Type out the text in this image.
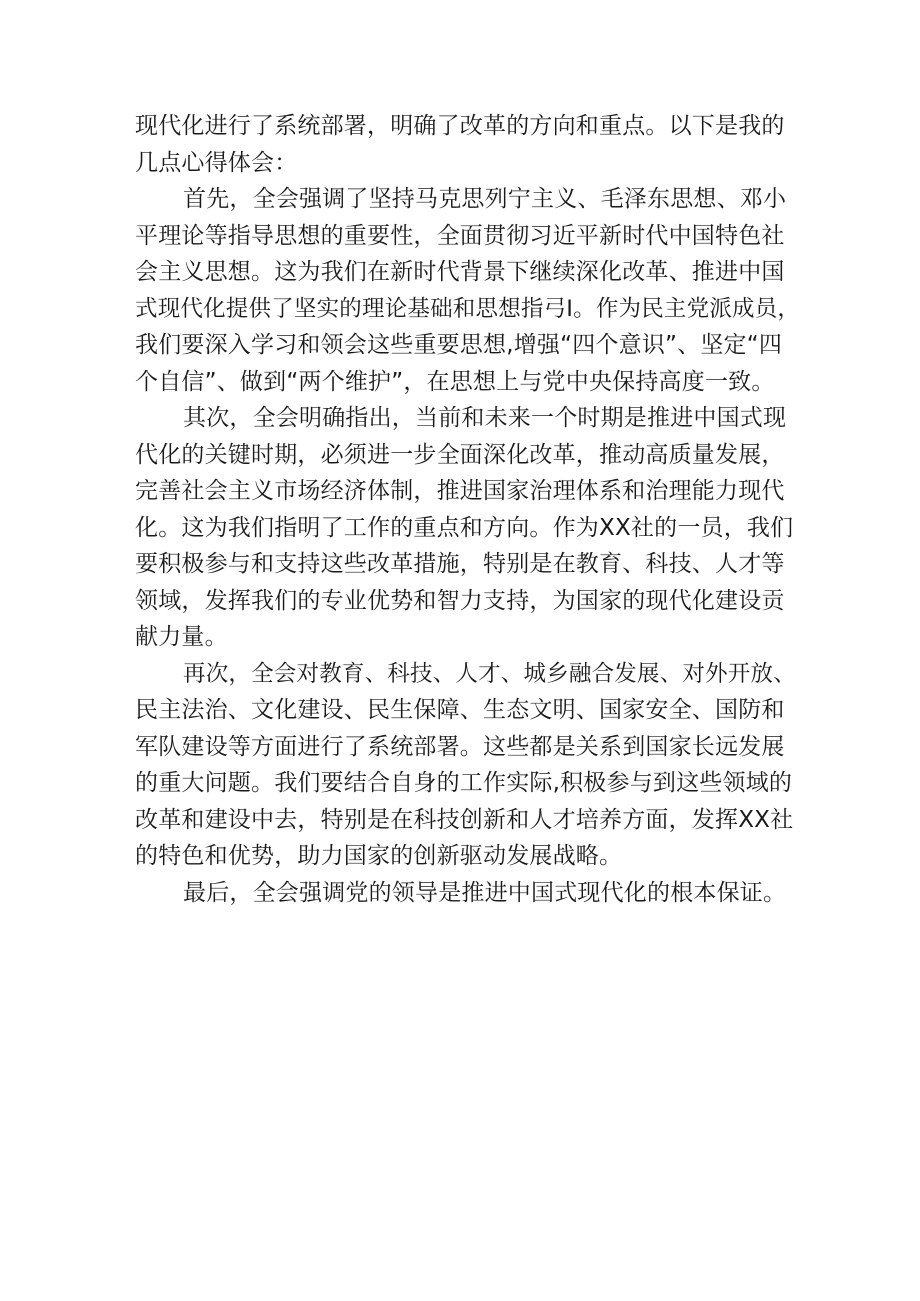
现代化进行了系统部署，明确了改革的方向和重点。以下是我的
几点心得体会：
首先，全会强调了坚持马克思列宁主义、毛泽东思想、邓小
平理论等指导思想的重要性，全面贯彻习近平新时代中国特色社
会主义思想。这为我们在新时代背景下继续深化改革、推进中国
式现代化提供了坚实的理论基础和思想指弓I。作为民主党派成员，
我们要深入学习和领会这些重要思想,增强“四个意识”、坚定“四
个自信”、做到“两个维护”，在思想上与党中央保持高度一致。
其次，全会明确指出，当前和未来一个时期是推进中国式现
代化的关键时期，必须进一步全面深化改革，推动高质量发展，
完善社会主义市场经济体制，推进国家治理体系和治理能力现代
化。这为我们指明了工作的重点和方向。作为XX社的一员，我们
要积极参与和支持这些改革措施，特别是在教育、科技、人才等
领域，发挥我们的专业优势和智力支持，为国家的现代化建设贡
献力量。
再次，全会对教育、科技、人才、城乡融合发展、对外开放、
民主法治、文化建设、民生保障、生态文明、国家安全、国防和
军队建设等方面进行了系统部署。这些都是关系到国家长远发展
的重大问题。我们要结合自身的工作实际,积极参与到这些领域的
改革和建设中去，特别是在科技创新和人才培养方面，发挥XX社
的特色和优势，助力国家的创新驱动发展战略。
最后，全会强调党的领导是推进中国式现代化的根本保证。
